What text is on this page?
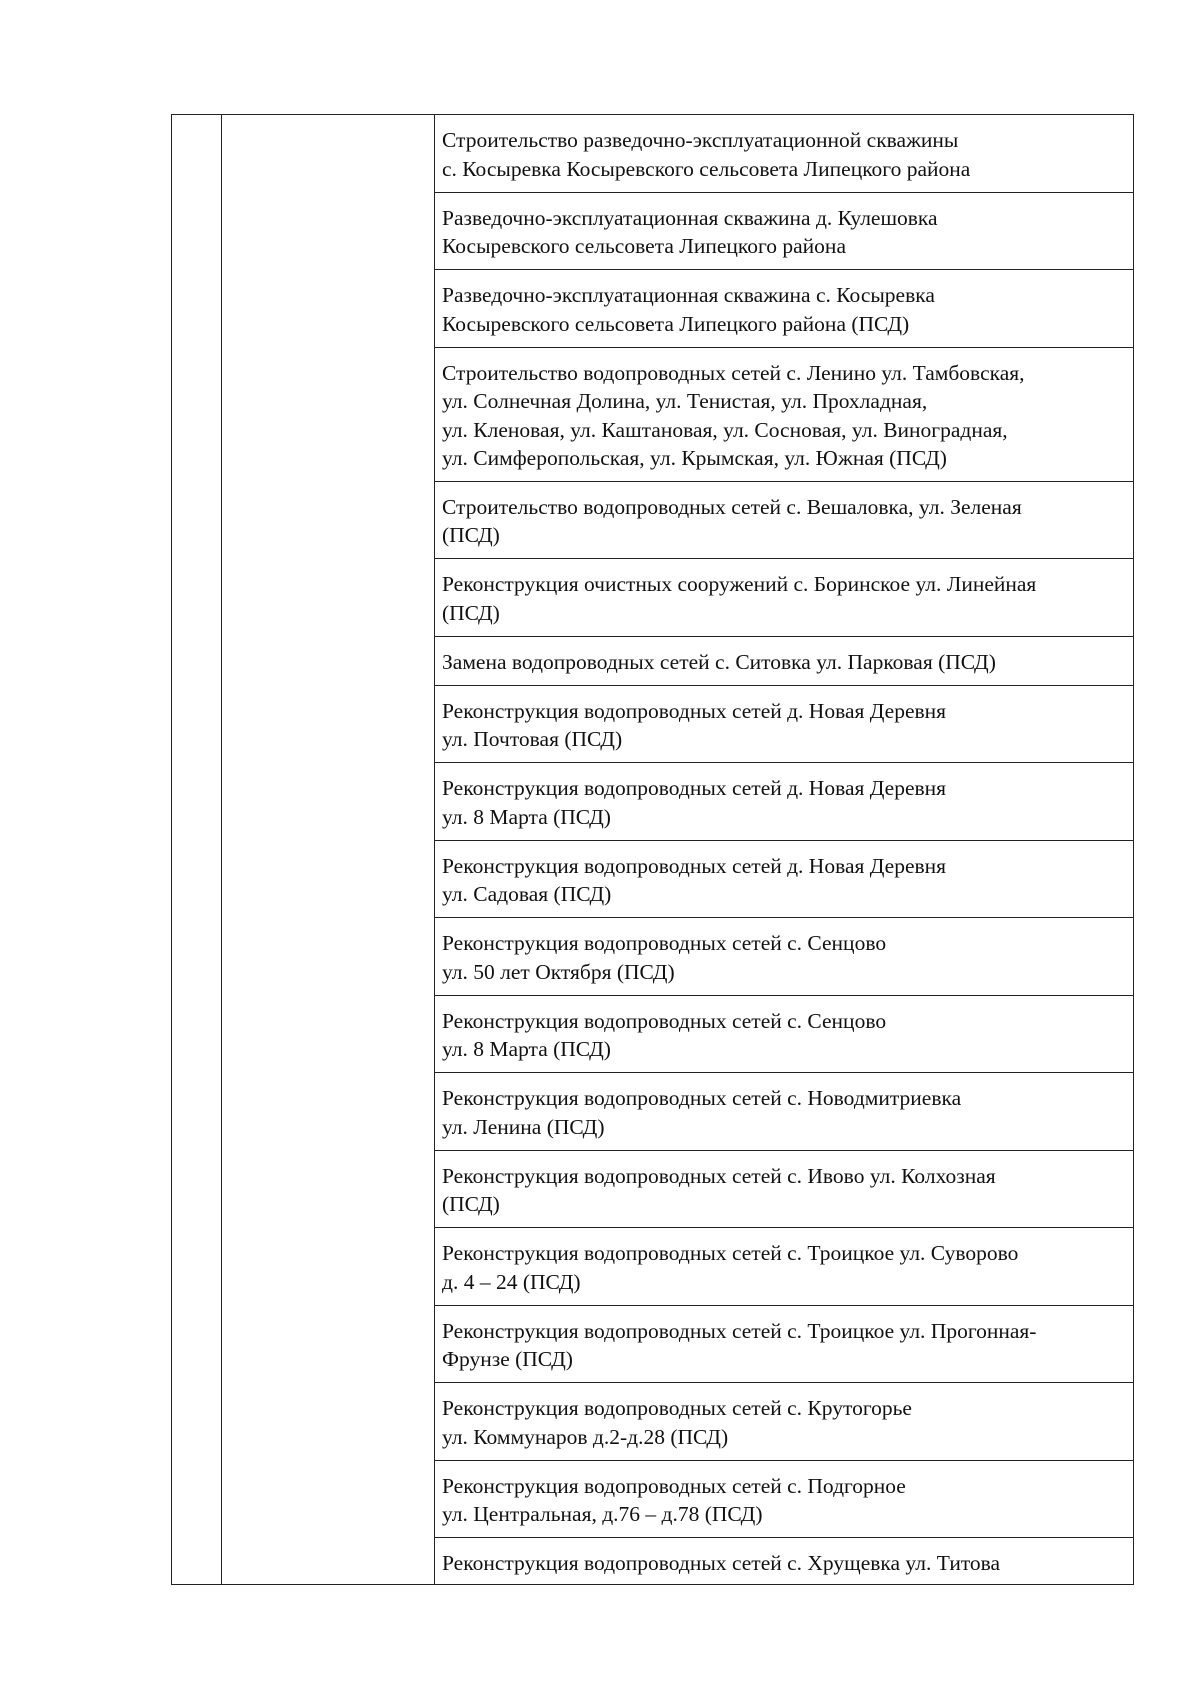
Строительство разведочно-эксплуатационной скважины
с. Косыревка Косыревского сельсовета Липецкого района
Разведочно-эксплуатационная скважина д. Кулешовка
Косыревского сельсовета Липецкого района
Разведочно-эксплуатационная скважина с. Косыревка
Косыревского сельсовета Липецкого района (ПСД)
Строительство водопроводных сетей с. Ленино ул. Тамбовская,
ул. Солнечная Долина, ул. Тенистая, ул. Прохладная,
ул. Кленовая, ул. Каштановая, ул. Сосновая, ул. Виноградная,
ул. Симферопольская, ул. Крымская, ул. Южная (ПСД)
Строительство водопроводных сетей с. Вешаловка, ул. Зеленая
(ПСД)
Реконструкция очистных сооружений с. Боринское ул. Линейная
(ПСД)
Замена водопроводных сетей с. Ситовка ул. Парковая (ПСД)
Реконструкция водопроводных сетей д. Новая Деревня
ул. Почтовая (ПСД)
Реконструкция водопроводных сетей д. Новая Деревня
ул. 8 Марта (ПСД)
Реконструкция водопроводных сетей д. Новая Деревня
ул. Садовая (ПСД)
Реконструкция водопроводных сетей с. Сенцово
ул. 50 лет Октября (ПСД)
Реконструкция водопроводных сетей с. Сенцово
ул. 8 Марта (ПСД)
Реконструкция водопроводных сетей с. Новодмитриевка
ул. Ленина (ПСД)
Реконструкция водопроводных сетей с. Ивово ул. Колхозная
(ПСД)
Реконструкция водопроводных сетей с. Троицкое ул. Суворово
д. 4 – 24 (ПСД)
Реконструкция водопроводных сетей с. Троицкое ул. Прогонная-
Фрунзе (ПСД)
Реконструкция водопроводных сетей с. Крутогорье
ул. Коммунаров д.2-д.28 (ПСД)
Реконструкция водопроводных сетей с. Подгорное
ул. Центральная, д.76 – д.78 (ПСД)
Реконструкция водопроводных сетей с. Хрущевка ул. Титова
